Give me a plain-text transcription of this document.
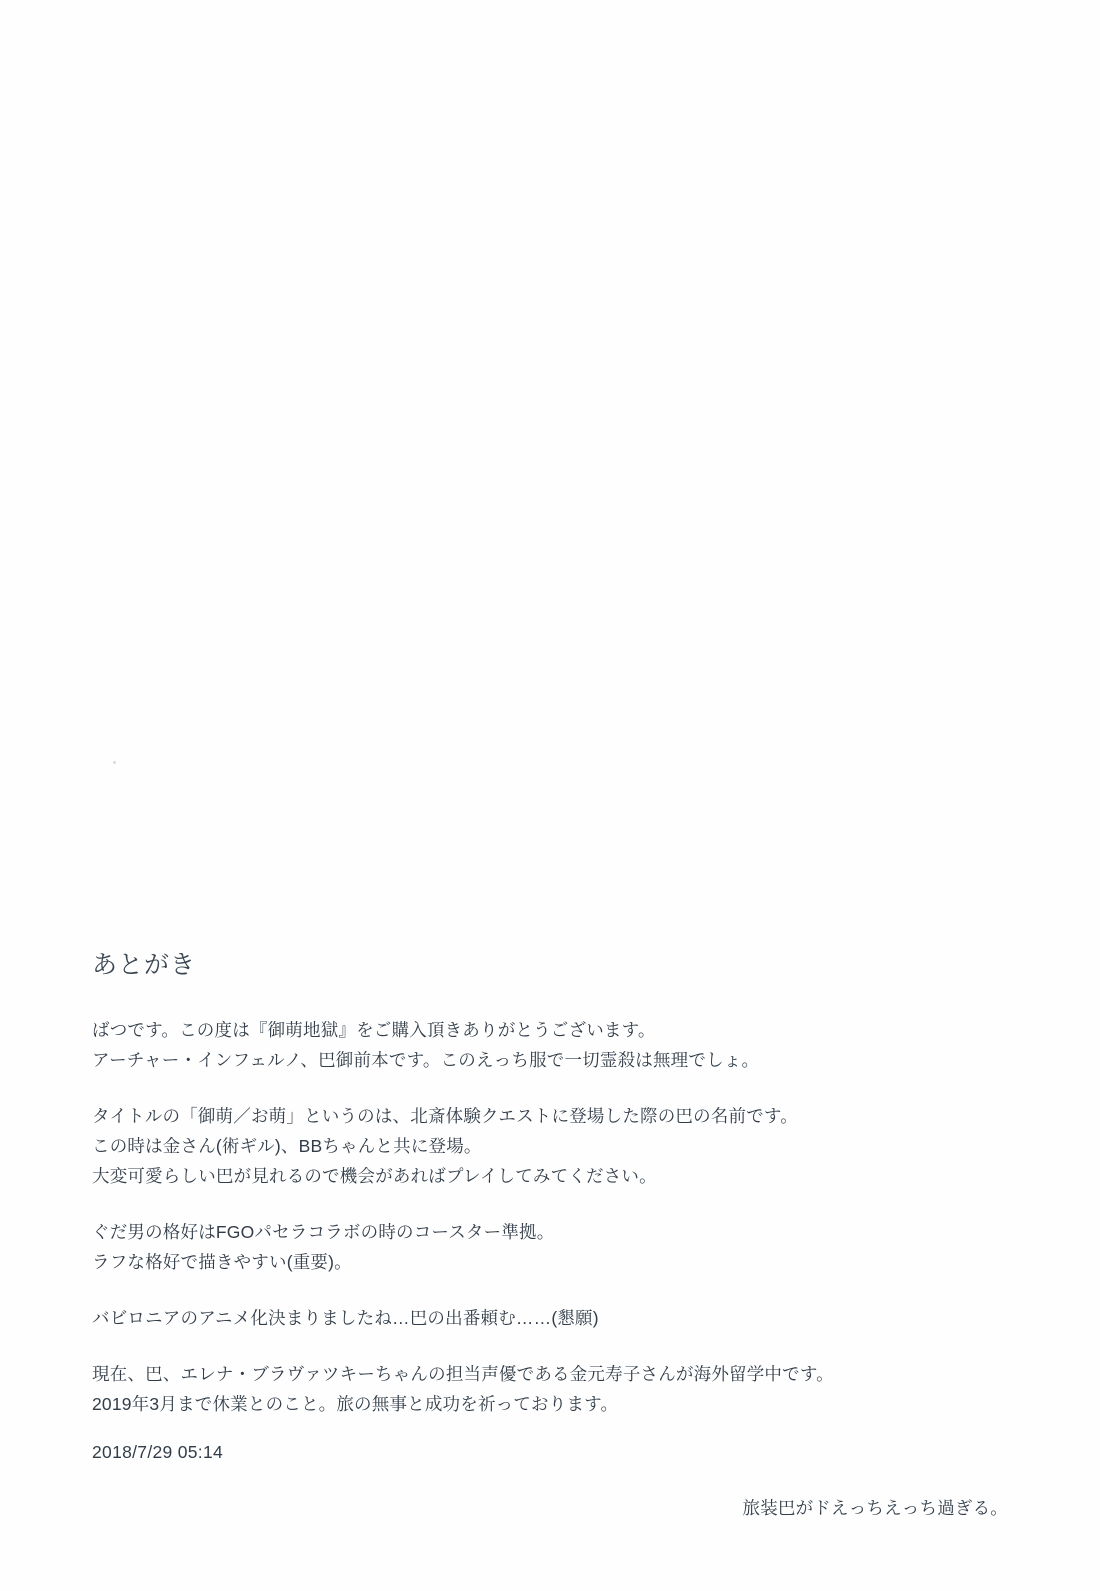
あとがき
ばつです。この度は『御萌地獄』をご購入頂きありがとうございます。
アーチャー・インフェルノ、巴御前本です。このえっち服で一切霊殺は無理でしょ。
タイトルの「御萌／お萌」というのは、北斎体験クエストに登場した際の巴の名前です。
この時は金さん(術ギル)、BBちゃんと共に登場。
大変可愛らしい巴が見れるので機会があればプレイしてみてください。
ぐだ男の格好はFGOパセラコラボの時のコースター準拠。
ラフな格好で描きやすい(重要)。
バビロニアのアニメ化決まりましたね…巴の出番頼む……(懇願)
現在、巴、エレナ・ブラヴァツキーちゃんの担当声優である金元寿子さんが海外留学中です。
2019年3月まで休業とのこと。旅の無事と成功を祈っております。
2018/7/29 05:14
旅装巴がドえっちえっち過ぎる。
